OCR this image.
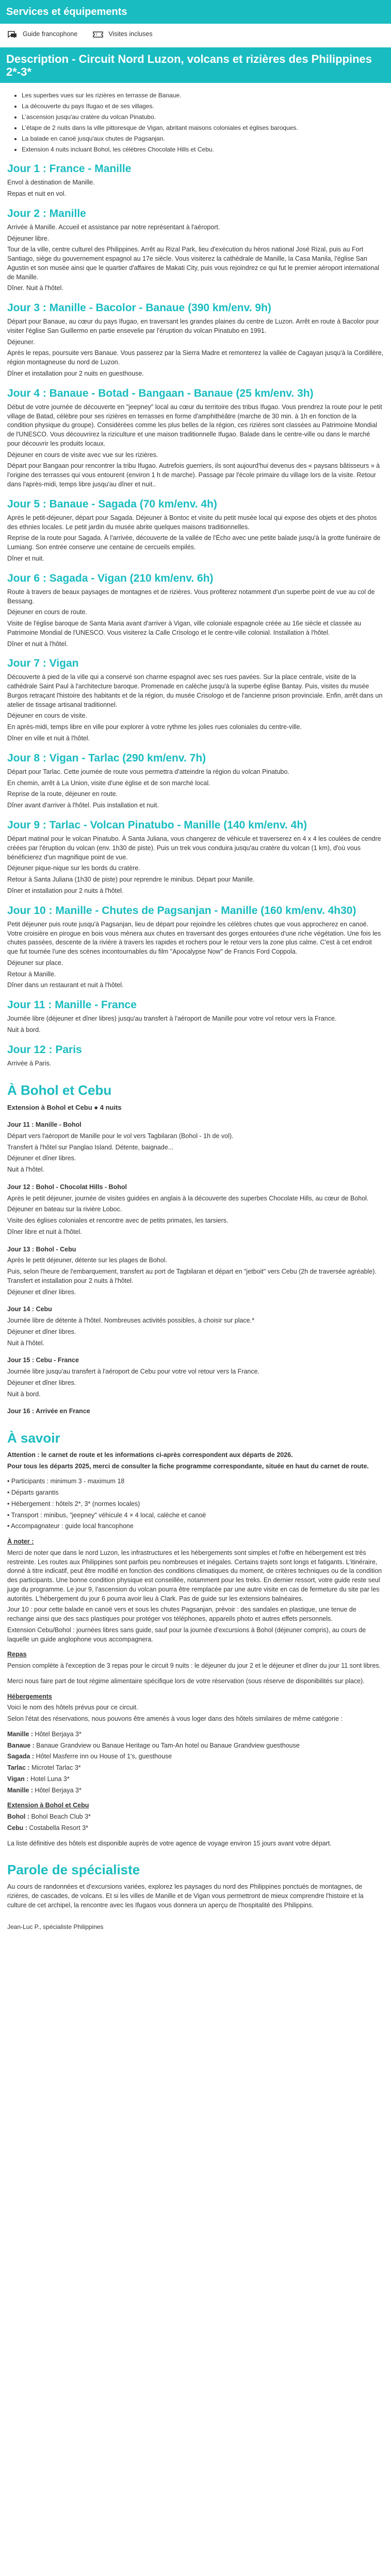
Services et équipements
Guide francophone	Visites incluses
Description - Circuit Nord Luzon, volcans et rizières des Philippines 2*-3*
• Les superbes vues sur les rizières en terrasse de Banaue.
• La découverte du pays Ifugao et de ses villages.
• L'ascension jusqu'au cratère du volcan Pinatubo.
• L'étape de 2 nuits dans la ville pittoresque de Vigan, abritant maisons coloniales et églises baroques.
• La balade en canoë jusqu'aux chutes de Pagsanjan.
• Extension 4 nuits incluant Bohol, les célèbres Chocolate Hills et Cebu.
Jour 1 : France - Manille

Envol à destination de Manille.

Repas et nuit en vol.

Jour 2 : Manille

Arrivée à Manille. Accueil et assistance par notre représentant à l'aéroport.

Déjeuner libre.

Tour de la ville, centre culturel des Philippines. Arrêt au Rizal Park, lieu d'exécution du héros national José Rizal, puis au Fort Santiago, siège du gouvernement espagnol au 17e siècle. Vous visiterez la cathédrale de Manille, la Casa Manila, l'église San Agustin et son musée ainsi que le quartier d'affaires de Makati City, puis vous rejoindrez ce qui fut le premier aéroport international de Manille.

Dîner. Nuit à l'hôtel.

Jour 3 : Manille - Bacolor - Banaue (390 km/env. 9h)

Départ pour Banaue, au cœur du pays Ifugao, en traversant les grandes plaines du centre de Luzon. Arrêt en route à Bacolor pour visiter l'église San Guillermo en partie ensevelie par l'éruption du volcan Pinatubo en 1991.

Déjeuner.

Après le repas, poursuite vers Banaue. Vous passerez par la Sierra Madre et remonterez la vallée de Cagayan jusqu'à la Cordillère, région montagneuse du nord de Luzon.

Dîner et installation pour 2 nuits en guesthouse.

Jour 4 : Banaue - Botad - Bangaan - Banaue (25 km/env. 3h)

Début de votre journée de découverte en "jeepney" local au cœur du territoire des tribus Ifugao. Vous prendrez la route pour le petit village de Batad, célèbre pour ses rizières en terrasses en forme d'amphithéâtre (marche de 30 min. à 1h en fonction de la condition physique du groupe). Considérées comme les plus belles de la région, ces rizières sont classées au Patrimoine Mondial de l'UNESCO. Vous découvrirez la riziculture et une maison traditionnelle Ifugao. Balade dans le centre-ville ou dans le marché pour découvrir les produits locaux.

Déjeuner en cours de visite avec vue sur les rizières.

Départ pour Bangaan pour rencontrer la tribu Ifugao. Autrefois guerriers, ils sont aujourd'hui devenus des « paysans bâtisseurs » à l'origine des terrasses qui vous entourent (environ 1 h de marche). Passage par l'école primaire du village lors de la visite. Retour dans l'après-midi, temps libre jusqu'au dîner et nuit..

Jour 5 : Banaue - Sagada (70 km/env. 4h)

Après le petit-déjeuner, départ pour Sagada. Déjeuner à Bontoc et visite du petit musée local qui expose des objets et des photos des ethnies locales. Le petit jardin du musée abrite quelques maisons traditionnelles.

Reprise de la route pour Sagada. À l'arrivée, découverte de la vallée de l'Écho avec une petite balade jusqu'à la grotte funéraire de Lumiang. Son entrée conserve une centaine de cercueils empilés.

Dîner et nuit.

Jour 6 : Sagada - Vigan (210 km/env. 6h)

Route à travers de beaux paysages de montagnes et de rizières. Vous profiterez notamment d'un superbe point de vue au col de Bessang.

Déjeuner en cours de route.

Visite de l'église baroque de Santa Maria avant d'arriver à Vigan, ville coloniale espagnole créée au 16e siècle et classée au Patrimoine Mondial de l'UNESCO. Vous visiterez la Calle Crisologo et le centre-ville colonial. Installation à l'hôtel.

Dîner et nuit à l'hôtel.

Jour 7 : Vigan

Découverte à pied de la ville qui a conservé son charme espagnol avec ses rues pavées. Sur la place centrale, visite de la cathédrale Saint Paul à l'architecture baroque. Promenade en calèche jusqu'à la superbe église Bantay. Puis, visites du musée Burgos retraçant l'histoire des habitants et de la région, du musée Crisologo et de l'ancienne prison provinciale. Enfin, arrêt dans un atelier de tissage artisanal traditionnel.

Déjeuner en cours de visite.

En après-midi, temps libre en ville pour explorer à votre rythme les jolies rues coloniales du centre-ville.

Dîner en ville et nuit à l'hôtel.

Jour 8 : Vigan - Tarlac (290 km/env. 7h)

Départ pour Tarlac. Cette journée de route vous permettra d'atteindre la région du volcan Pinatubo.

En chemin, arrêt à La Union, visite d'une église et de son marché local.

Reprise de la route, déjeuner en route.

Dîner avant d'arriver à l'hôtel. Puis installation et nuit.

Jour 9 : Tarlac - Volcan Pinatubo - Manille (140 km/env. 4h)

Départ matinal pour le volcan Pinatubo. À Santa Juliana, vous changerez de véhicule et traverserez en 4 x 4 les coulées de cendre créées par l'éruption du volcan (env. 1h30 de piste). Puis un trek vous conduira jusqu'au cratère du volcan (1 km), d'où vous bénéficierez d'un magnifique point de vue.

Déjeuner pique-nique sur les bords du cratère.

Retour à Santa Juliana (1h30 de piste) pour reprendre le minibus. Départ pour Manille.

Dîner et installation pour 2 nuits à l'hôtel.

Jour 10 : Manille - Chutes de Pagsanjan - Manille (160 km/env. 4h30)

Petit déjeuner puis route jusqu'à Pagsanjan, lieu de départ pour rejoindre les célèbres chutes que vous approcherez en canoë. Votre croisière en pirogue en bois vous mènera aux chutes en traversant des gorges entourées d'une riche végétation. Une fois les chutes passées, descente de la rivière à travers les rapides et rochers pour le retour vers la zone plus calme. C'est à cet endroit que fut tournée l'une des scènes incontournables du film "Apocalypse Now" de Francis Ford Coppola.

Déjeuner sur place.

Retour à Manille.

Dîner dans un restaurant et nuit à l'hôtel.

Jour 11 : Manille - France

Journée libre (déjeuner et dîner libres) jusqu'au transfert à l'aéroport de Manille pour votre vol retour vers la France.

Nuit à bord.

Jour 12 : Paris

Arrivée à Paris.

À Bohol et Cebu
Extension à Bohol et Cebu ● 4 nuits
Jour 11 : Manille - Bohol

Départ vers l'aéroport de Manille pour le vol vers Tagbilaran (Bohol - 1h de vol).

Transfert à l'hôtel sur Panglao Island. Détente, baignade...

Déjeuner et dîner libres.

Nuit à l'hôtel.

Jour 12 : Bohol - Chocolat Hills - Bohol

Après le petit déjeuner, journée de visites guidées en anglais à la découverte des superbes Chocolate Hills, au cœur de Bohol.

Déjeuner en bateau sur la rivière Loboc.

Visite des églises coloniales et rencontre avec de petits primates, les tarsiers.

Dîner libre et nuit à l'hôtel.

Jour 13 : Bohol - Cebu

Après le petit déjeuner, détente sur les plages de Bohol.

Puis, selon l'heure de l'embarquement, transfert au port de Tagbilaran et départ en "jetboit" vers Cebu (2h de traversée agréable). Transfert et installation pour 2 nuits à l'hôtel.

Déjeuner et dîner libres.

Jour 14 : Cebu

Journée libre de détente à l'hôtel. Nombreuses activités possibles, à choisir sur place.*

Déjeuner et dîner libres.

Nuit à l'hôtel.

Jour 15 : Cebu - France

Journée libre jusqu'au transfert à l'aéroport de Cebu pour votre vol retour vers la France.

Déjeuner et dîner libres.

Nuit à bord.

Jour 16 : Arrivée en France
À savoir

Attention : le carnet de route et les informations ci-après correspondent aux départs de 2026.

Pour tous les départs 2025, merci de consulter la fiche programme correspondante, située en haut du carnet de route.

• Participants : minimum 3 - maximum 18

• Départs garantis

• Hébergement : hôtels 2*, 3* (normes locales)

• Transport : minibus, "jeepney" véhicule 4 × 4 local, calèche et canoë

• Accompagnateur : guide local francophone

À noter :

Merci de noter que dans le nord Luzon, les infrastructures et les hébergements sont simples et l'offre en hébergement est très restreinte. Les routes aux Philippines sont parfois peu nombreuses et inégales. Certains trajets sont longs et fatigants. L'itinéraire, donné à titre indicatif, peut être modifié en fonction des conditions climatiques du moment, de critères techniques ou de la condition des participants. Une bonne condition physique est conseillée, notamment pour les treks. En dernier ressort, votre guide reste seul juge du programme. Le jour 9, l'ascension du volcan pourra être remplacée par une autre visite en cas de fermeture du site par les autorités. L'hébergement du jour 6 pourra avoir lieu à Clark. Pas de guide sur les extensions balnéaires.

Jour 10 : pour cette balade en canoë vers et sous les chutes Pagsanjan, prévoir : des sandales en plastique, une tenue de rechange ainsi que des sacs plastiques pour protéger vos téléphones, appareils photo et autres effets personnels.

Extension Cebu/Bohol : journées libres sans guide, sauf pour la journée d'excursions à Bohol (déjeuner compris), au cours de laquelle un guide anglophone vous accompagnera.

Repas

Pension complète à l'exception de 3 repas pour le circuit 9 nuits : le déjeuner du jour 2 et le déjeuner et dîner du jour 11 sont libres.

Merci nous faire part de tout régime alimentaire spécifique lors de votre réservation (sous réserve de disponibilités sur place).

Hébergements

Voici le nom des hôtels prévus pour ce circuit.

Selon l'état des réservations, nous pouvons être amenés à vous loger dans des hôtels similaires de même catégorie :

Manille : Hôtel Berjaya 3*

Banaue : Banaue Grandview ou Banaue Heritage ou Tam-An hotel ou Banaue Grandview guesthouse

Sagada : Hôtel Masferre inn ou House of 1's, guesthouse

Tarlac : Microtel Tarlac 3*

Vigan : Hotel Luna 3*

Manille : Hôtel Berjaya 3*

Extension à Bohol et Cebu

Bohol : Bohol Beach Club 3*

Cebu : Costabella Resort 3*

La liste définitive des hôtels est disponible auprès de votre agence de voyage environ 15 jours avant votre départ.

Parole de spécialiste

Au cours de randonnées et d'excursions variées, explorez les paysages du nord des Philippines ponctués de montagnes, de rizières, de cascades, de volcans. Et si les villes de Manille et de Vigan vous permettront de mieux comprendre l'histoire et la culture de cet archipel, la rencontre avec les Ifugaos vous donnera un aperçu de l'hospitalité des Philippins.

Jean-Luc P., spécialiste Philippines
